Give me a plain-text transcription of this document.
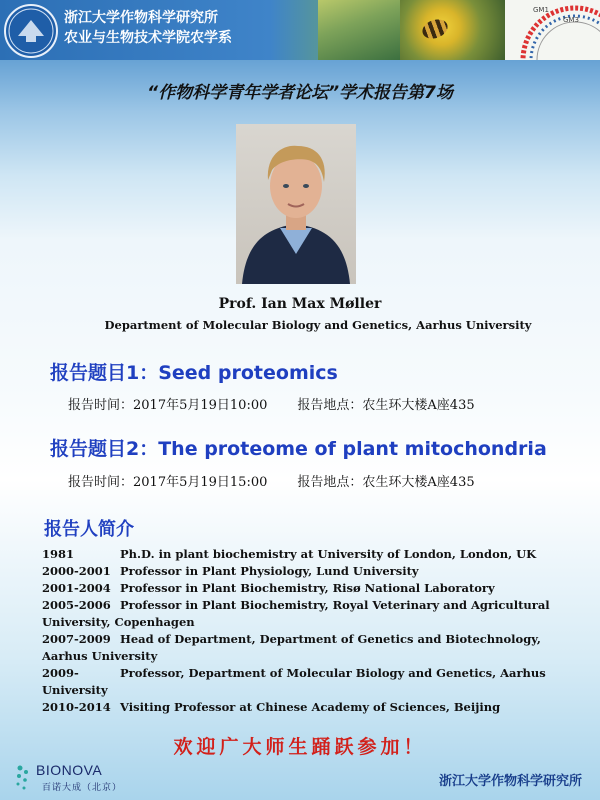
浙江大学作物科学研究所
农业与生物技术学院农学系
GM1
GM3
“作物科学青年学者论坛”学术报告第7场
Prof. Ian Max Møller
Department of Molecular Biology and Genetics, Aarhus University
报告题目1：Seed proteomics
报告时间：2017年5月19日10:00 报告地点：农生环大楼A座435
报告题目2：The proteome of plant mitochondria
报告时间：2017年5月19日15:00 报告地点：农生环大楼A座435
报告人简介
1981	Ph.D. in plant biochemistry at University of London, London, UK
2000-2001 Professor in Plant Physiology, Lund University
2001-2004 Professor in Plant Biochemistry, Risø National Laboratory
2005-2006 Professor in Plant Biochemistry, Royal Veterinary and Agricultural University, Copenhagen
2007-2009 Head of Department, Department of Genetics and Biotechnology, Aarhus University
2009-	Professor, Department of Molecular Biology and Genetics, Aarhus University
2010-2014 Visiting Professor at Chinese Academy of Sciences, Beijing
欢迎广大师生踊跃参加！
BIONOVA
百诺大成（北京）	浙江大学作物科学研究所
